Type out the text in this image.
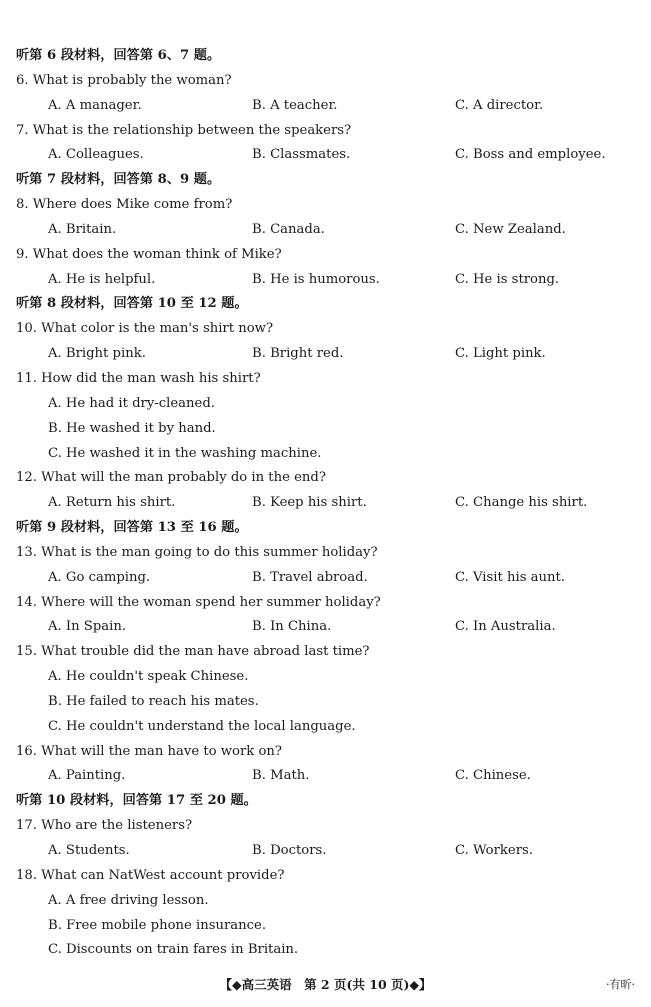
听第 6 段材料，回答第 6、7 题。
6. What is probably the woman?
A. A manager.	B. A teacher.	C. A director.
7. What is the relationship between the speakers?
A. Colleagues.	B. Classmates.	C. Boss and employee.
听第 7 段材料，回答第 8、9 题。
8. Where does Mike come from?
A. Britain.	B. Canada.	C. New Zealand.
9. What does the woman think of Mike?
A. He is helpful.	B. He is humorous.	C. He is strong.
听第 8 段材料，回答第 10 至 12 题。
10. What color is the man's shirt now?
A. Bright pink.	B. Bright red.	C. Light pink.
11. How did the man wash his shirt?
A. He had it dry-cleaned.
B. He washed it by hand.
C. He washed it in the washing machine.
12. What will the man probably do in the end?
A. Return his shirt.	B. Keep his shirt.	C. Change his shirt.
听第 9 段材料，回答第 13 至 16 题。
13. What is the man going to do this summer holiday?
A. Go camping.	B. Travel abroad.	C. Visit his aunt.
14. Where will the woman spend her summer holiday?
A. In Spain.	B. In China.	C. In Australia.
15. What trouble did the man have abroad last time?
A. He couldn't speak Chinese.
B. He failed to reach his mates.
C. He couldn't understand the local language.
16. What will the man have to work on?
A. Painting.	B. Math.	C. Chinese.
听第 10 段材料，回答第 17 至 20 题。
17. Who are the listeners?
A. Students.	B. Doctors.	C. Workers.
18. What can NatWest account provide?
A. A free driving lesson.
B. Free mobile phone insurance.
C. Discounts on train fares in Britain.
【◆高三英语　第 2 页(共 10 页)◆】	·有昕·
